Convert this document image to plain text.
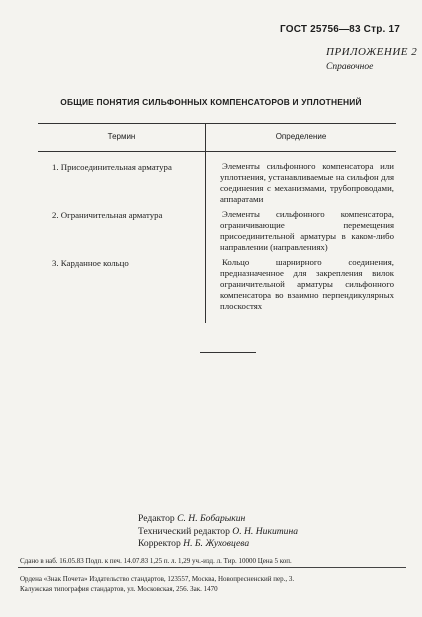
ГОСТ 25756—83 Стр. 17
ПРИЛОЖЕНИЕ 2
Справочное
ОБЩИЕ ПОНЯТИЯ СИЛЬФОННЫХ КОМПЕНСАТОРОВ И УПЛОТНЕНИЙ
Термин	Определение
1. Присоединительная арматура	Элементы сильфонного компенсатора или уплотнения, устанавливаемые на сильфон для соединения с механизмами, трубопроводами, аппаратами
2. Ограничительная арматура	Элементы сильфонного компенсатора, ограничивающие перемещения присоединительной арматуры в каком-либо направлении (направлениях)
3. Карданное кольцо	Кольцо шарнирного соединения, предназначенное для закрепления вилок ограничительной арматуры сильфонного компенсатора во взаимно перпендикулярных плоскостях
Редактор С. Н. Бобарыкин
Технический редактор О. Н. Никитина
Корректор Н. Б. Жуховцева
Сдано в наб. 16.05.83 Подп. к печ. 14.07.83 1,25 п. л. 1,29 уч.-изд. л. Тир. 10000 Цена 5 коп.
Ордена «Знак Почета» Издательство стандартов, 123557, Москва, Новопресненский пер., 3.
Калужская типография стандартов, ул. Московская, 256. Зак. 1470
